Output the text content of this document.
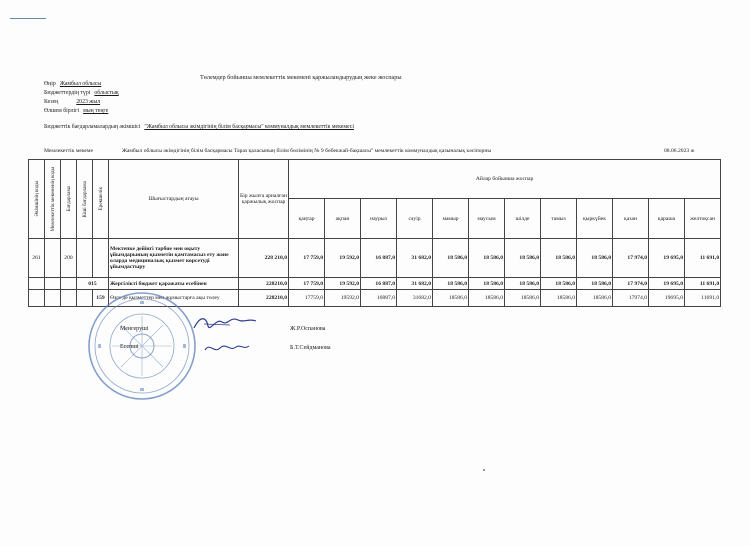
Төлемдер бойынша мемлекеттік мекемені қаржыландырудың жеке жоспары
Өңір Жамбыл облысы
Бюджеттердің түрі облыстық
Кезең	2023 жыл
Өлшем бірлігі мың теңге
Бюджеттік бағдарламалардың әкімшісі "Жамбыл облысы әкімдігінің білім басқармасы" коммуналдық мемлекеттік мекемесі
Мемлекеттік мекеме	Жамбыл облысы әкімдігінің білім басқармасы Тараз қаласының білім бөлімінің № 9 бөбекжай-бақшасы" мемлекеттік коммуналдық қазыналық кәсіпорны	08.06.2023 ж
Әкімшінің коды	Мемлекеттік мекеменің коды	Бағдарлама	Кіші бағдарлама	Ерекшелік	Шығыстардың атауы	Бір жылға арналған қаржылық жоспар	Айлар бойынша жоспар											
							қаңтар	ақпан	наурыз	сәуір	мамыр	маусым	шілде	тамыз	қыркүйек	қазан	қараша	желтоқсан
261		200			Мектепке дейінгі тәрбие мен оқыту ұйымдарының қызметін қамтамасыз ету және оларда медициналық қызмет көрсетуді ұйымдастыру	228 210,0	17 759,0	19 592,0	16 887,0	31 682,0	18 586,0	18 586,0	18 586,0	18 586,0	18 586,0	17 974,0	19 695,0	11 691,0
			015		Жергілікті бюджет қаражаты есебінен	228210,0	17 759,0	19 592,0	16 887,0	31 682,0	18 586,0	18 586,0	18 586,0	18 586,0	18 586,0	17 974,0	19 695,0	11 691,0
				159	Өзге де қызметтер мен жұмыстарға ақы төлеу	228210,0	17759,0	19592,0	16887,0	31682,0	18586,0	18586,0	18586,0	18586,0	18586,0	17974,0	19695,0	11691,0
Менгеруші	Ж.Р.Оспанова
Есепші	Б.Т.Сейдманова
